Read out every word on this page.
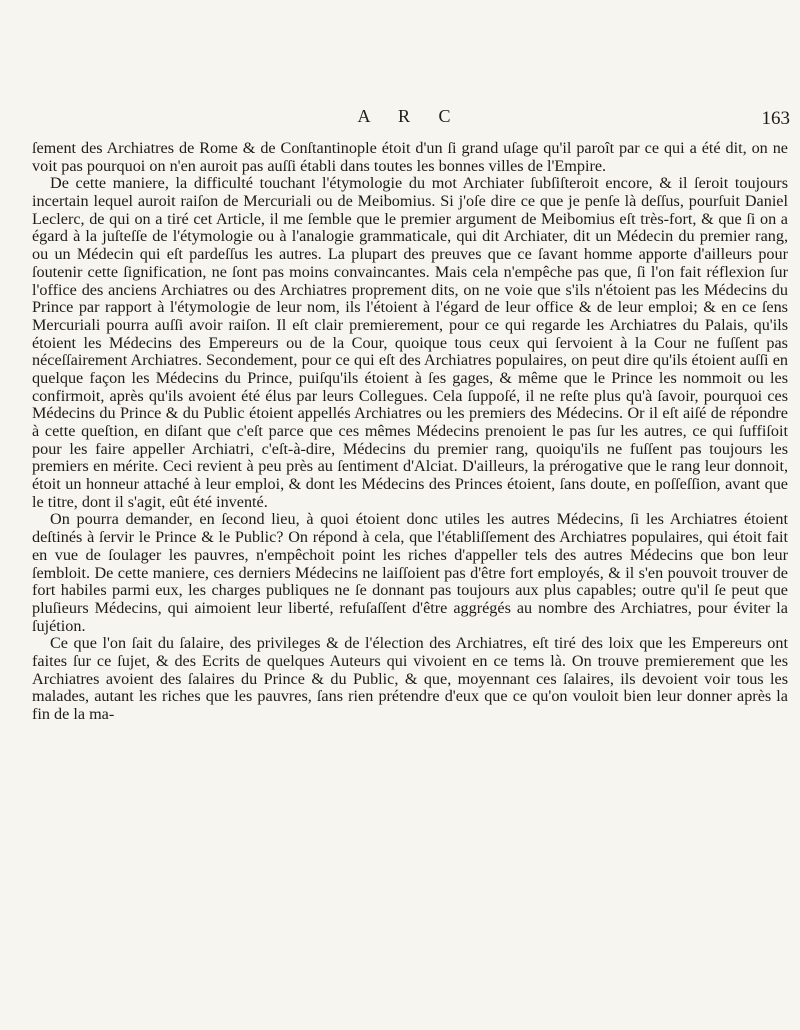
A R C	163

ſement des Archiatres de Rome & de Conſtantinople étoit d'un ſi grand uſage qu'il paroît par ce qui a été dit, on ne voit pas pourquoi on n'en auroit pas auſſi établi dans toutes les bonnes villes de l'Empire.

De cette maniere, la difficulté touchant l'étymologie du mot Archiater ſubſiſteroit encore, & il ſeroit toujours incertain lequel auroit raiſon de Mercuriali ou de Meibomius. Si j'oſe dire ce que je penſe là deſſus, pourſuit Daniel Leclerc, de qui on a tiré cet Article, il me ſemble que le premier argument de Meibomius eſt très-fort, & que ſi on a égard à la juſteſſe de l'étymologie ou à l'analogie grammaticale, qui dit Archiater, dit un Médecin du premier rang, ou un Médecin qui eſt pardeſſus les autres. La plupart des preuves que ce ſavant homme apporte d'ailleurs pour ſoutenir cette ſignification, ne ſont pas moins convaincantes. Mais cela n'empêche pas que, ſi l'on fait réflexion ſur l'office des anciens Archiatres ou des Archiatres proprement dits, on ne voie que s'ils n'étoient pas les Médecins du Prince par rapport à l'étymologie de leur nom, ils l'étoient à l'égard de leur office & de leur emploi; & en ce ſens Mercuriali pourra auſſi avoir raiſon. Il eſt clair premierement, pour ce qui regarde les Archiatres du Palais, qu'ils étoient les Médecins des Empereurs ou de la Cour, quoique tous ceux qui ſervoient à la Cour ne fuſſent pas néceſſairement Archiatres. Secondement, pour ce qui eſt des Archiatres populaires, on peut dire qu'ils étoient auſſi en quelque façon les Médecins du Prince, puiſqu'ils étoient à ſes gages, & même que le Prince les nommoit ou les confirmoit, après qu'ils avoient été élus par leurs Collegues. Cela ſuppoſé, il ne reſte plus qu'à ſavoir, pourquoi ces Médecins du Prince & du Public étoient appellés Archiatres ou les premiers des Médecins. Or il eſt aiſé de répondre à cette queſtion, en diſant que c'eſt parce que ces mêmes Médecins prenoient le pas ſur les autres, ce qui ſuffiſoit pour les faire appeller Archiatri, c'eſt-à-dire, Médecins du premier rang, quoiqu'ils ne fuſſent pas toujours les premiers en mérite. Ceci revient à peu près au ſentiment d'Alciat. D'ailleurs, la prérogative que le rang leur donnoit, étoit un honneur attaché à leur emploi, & dont les Médecins des Princes étoient, ſans doute, en poſſeſſion, avant que le titre, dont il s'agit, eût été inventé.

On pourra demander, en ſecond lieu, à quoi étoient donc utiles les autres Médecins, ſi les Archiatres étoient deſtinés à ſervir le Prince & le Public? On répond à cela, que l'établiſſement des Archiatres populaires, qui étoit fait en vue de ſoulager les pauvres, n'empêchoit point les riches d'appeller tels des autres Médecins que bon leur ſembloit. De cette maniere, ces derniers Médecins ne laiſſoient pas d'être fort employés, & il s'en pouvoit trouver de fort habiles parmi eux, les charges publiques ne ſe donnant pas toujours aux plus capables; outre qu'il ſe peut que pluſieurs Médecins, qui aimoient leur liberté, refuſaſſent d'être aggrégés au nombre des Archiatres, pour éviter la ſujétion.

Ce que l'on ſait du ſalaire, des privileges & de l'élection des Archiatres, eſt tiré des loix que les Empereurs ont faites ſur ce ſujet, & des Ecrits de quelques Auteurs qui vivoient en ce tems là. On trouve premierement que les Archiatres avoient des ſalaires du Prince & du Public, & que, moyennant ces ſalaires, ils devoient voir tous les malades, autant les riches que les pauvres, ſans rien prétendre d'eux que ce qu'on vouloit bien leur donner après la fin de la ma-
